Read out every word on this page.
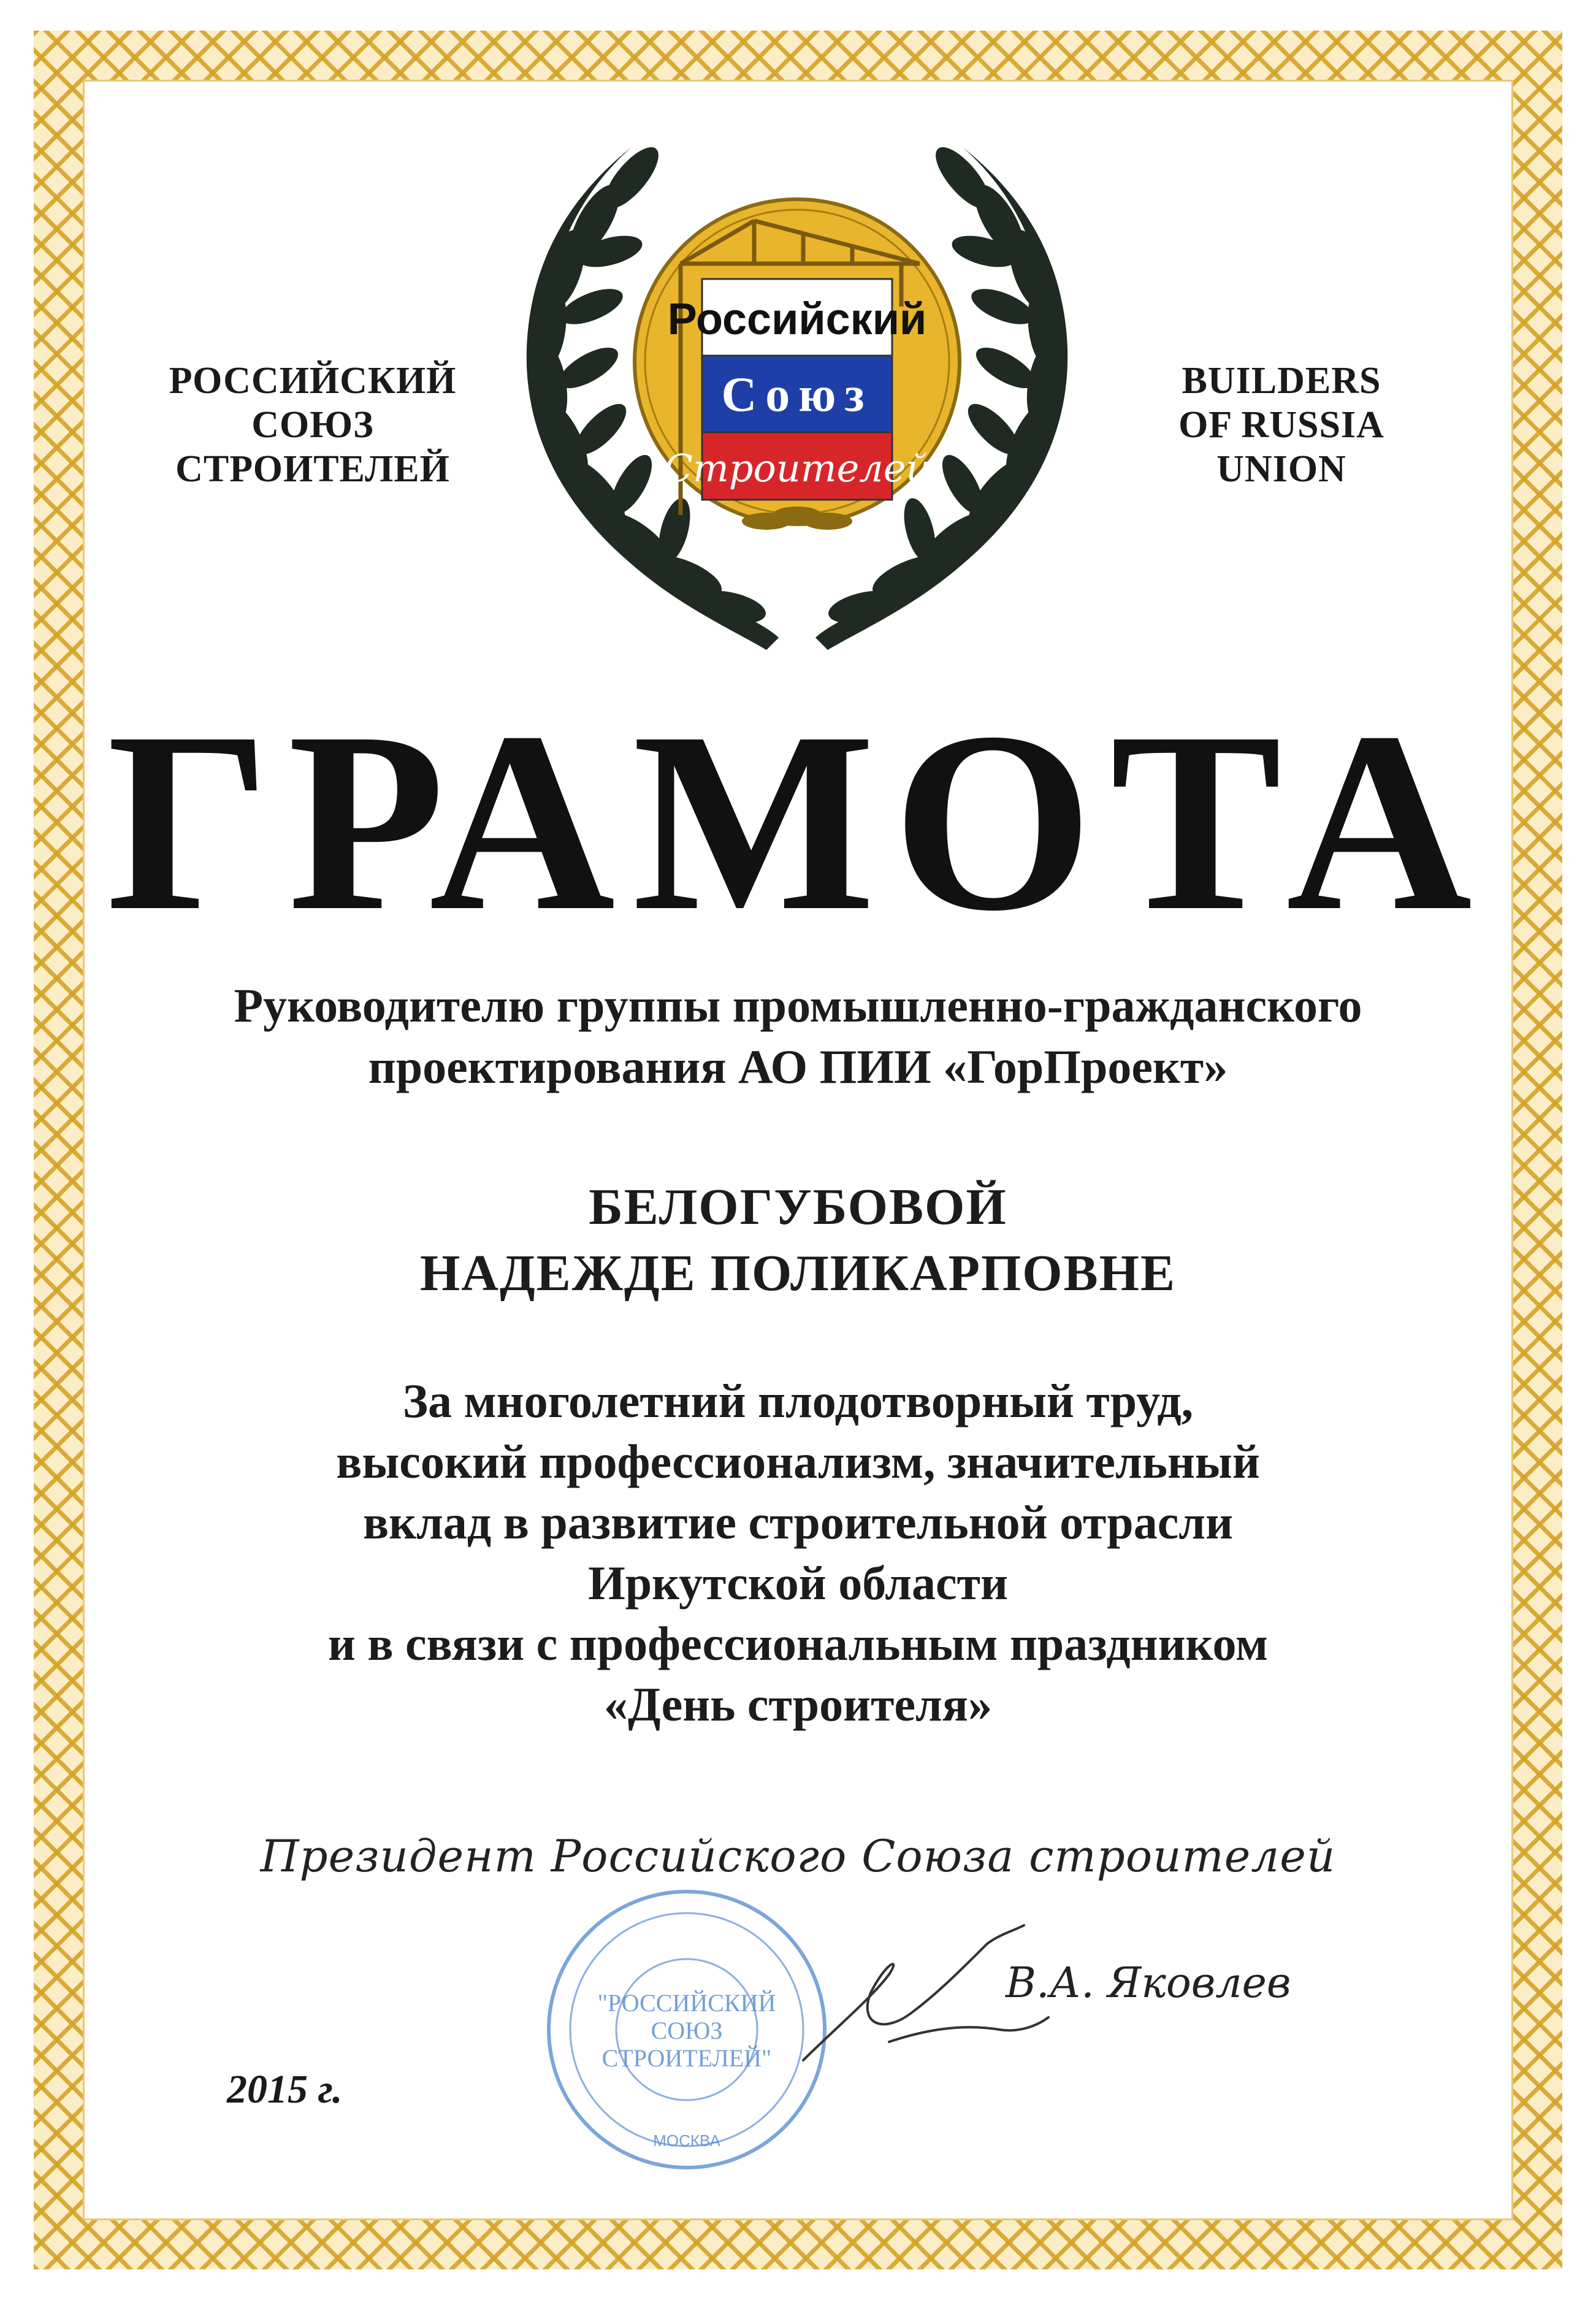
РОССИЙСКИЙ
СОЮЗ
СТРОИТЕЛЕЙ
BUILDERS
OF RUSSIA
UNION
Российский
Союз
Строителей
ГРАМОТА
Руководителю группы промышленно-гражданского
проектирования АО ПИИ «ГорПроект»
БЕЛОГУБОВОЙ
НАДЕЖДЕ ПОЛИКАРПОВНЕ
За многолетний плодотворный труд,
высокий профессионализм, значительный
вклад в развитие строительной отрасли
Иркутской области
и в связи с профессиональным праздником
«День строителя»
Президент Российского Союза строителей
"РОССИЙСКИЙ
СОЮЗ
СТРОИТЕЛЕЙ"
МОСКВА
В.А. Яковлев
2015 г.
